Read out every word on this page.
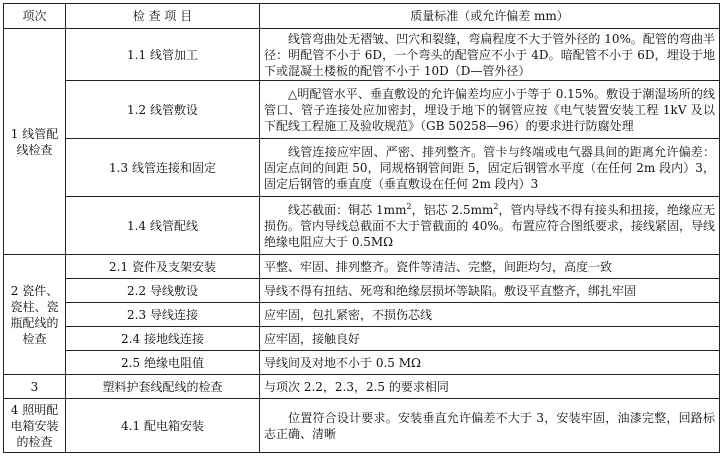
项次	检 查 项 目	质量标准（或允许偏差 mm）
1 线管配线检查	1.1 线管加工	线管弯曲处无褶皱、凹穴和裂缝，弯扁程度不大于管外径的 10%。配管的弯曲半径：明配管不小于 6D，一个弯头的配管应不小于 4D。暗配管不小于 6D，埋设于地下或混凝土楼板的配管不小于 10D（D—管外径）

	1.2 线管敷设	△明配管水平、垂直敷设的允许偏差均应小于等于 0.15%。敷设于潮湿场所的线管口、管子连接处应加密封，埋设于地下的钢管应按《电气装置安装工程 1kV 及以下配线工程施工及验收规范》（GB 50258—96）的要求进行防腐处理

	1.3 线管连接和固定	线管连接应牢固、严密、排列整齐。管卡与终端或电气器具间的距离允许偏差：固定点间的间距 50，同规格钢管间距 5，固定后钢管水平度（在任何 2m 段内）3，固定后钢管的垂直度（垂直敷设在任何 2m 段内）3

	1.4 线管配线	线芯截面：铜芯 $1mm^2$，铝芯 $2.5mm^2$，管内导线不得有接头和扭接，绝缘应无损伤。管内导线总截面不大于管截面的 40%。布置应符合图纸要求，接线紧固，导线绝缘电阻应大于 0.5MΩ

2 瓷件、瓷柱、瓷瓶配线的检查	2.1 瓷件及支架安装	平整、牢固、排列整齐。瓷件等清洁、完整，间距均匀，高度一致
	2.2 导线敷设	导线不得有扭结、死弯和绝缘层损坏等缺陷。敷设平直整齐，绑扎牢固
	2.3 导线连接	应牢固，包扎紧密，不损伤芯线
	2.4 接地线连接	应牢固，接触良好
	2.5 绝缘电阻值	导线间及对地不小于 0.5 MΩ
3	塑料护套线配线的检查	与项次 2.2，2.3，2.5 的要求相同
4 照明配电箱安装的检查	4.1 配电箱安装	位置符合设计要求。安装垂直允许偏差不大于 3，安装牢固，油漆完整，回路标志正确、清晰
